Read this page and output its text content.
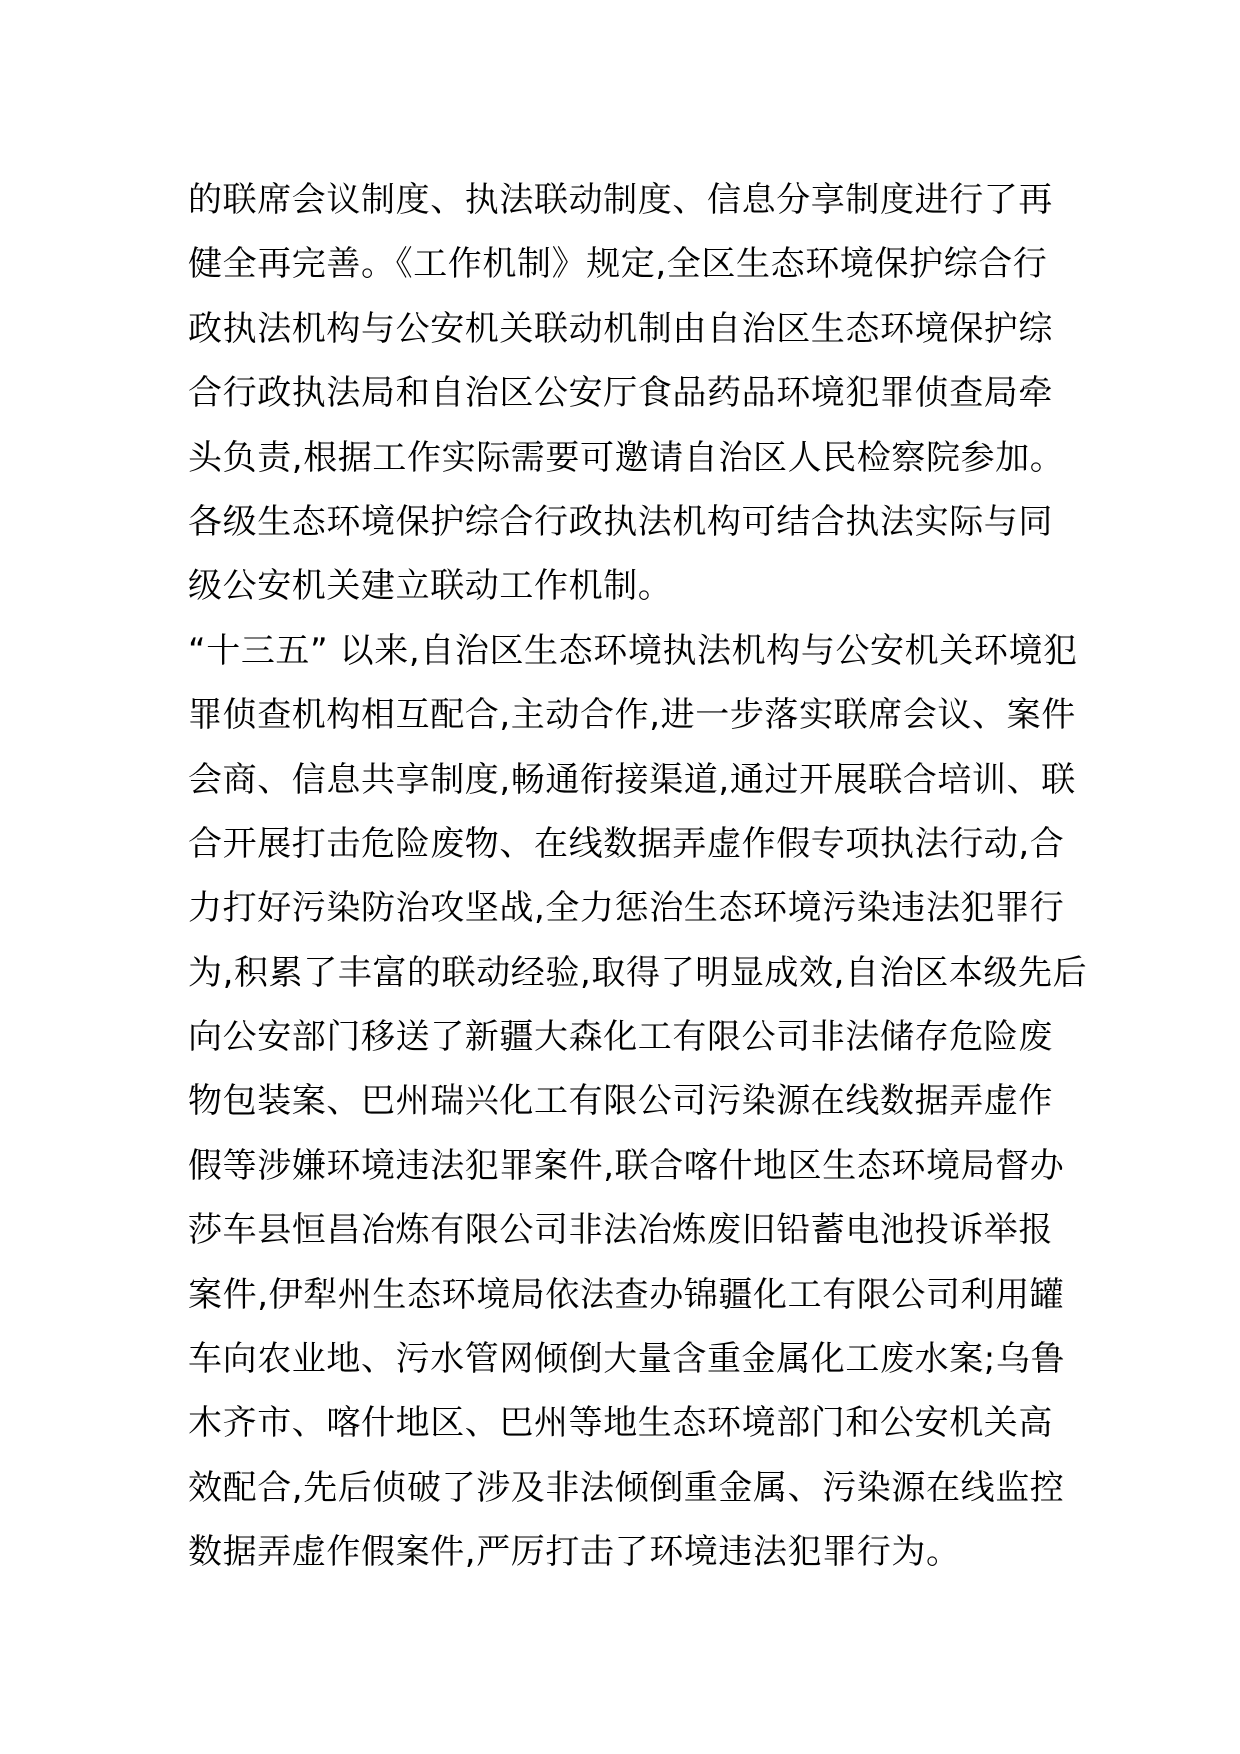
的联席会议制度、执法联动制度、信息分享制度进行了再
健全再完善。《工作机制》规定,全区生态环境保护综合行
政执法机构与公安机关联动机制由自治区生态环境保护综
合行政执法局和自治区公安厅食品药品环境犯罪侦查局牵
头负责,根据工作实际需要可邀请自治区人民检察院参加。
各级生态环境保护综合行政执法机构可结合执法实际与同
级公安机关建立联动工作机制。
“十三五” 以来,自治区生态环境执法机构与公安机关环境犯
罪侦查机构相互配合,主动合作,进一步落实联席会议、案件
会商、信息共享制度,畅通衔接渠道,通过开展联合培训、联
合开展打击危险废物、在线数据弄虚作假专项执法行动,合
力打好污染防治攻坚战,全力惩治生态环境污染违法犯罪行
为,积累了丰富的联动经验,取得了明显成效,自治区本级先后
向公安部门移送了新疆大森化工有限公司非法储存危险废
物包装案、巴州瑞兴化工有限公司污染源在线数据弄虚作
假等涉嫌环境违法犯罪案件,联合喀什地区生态环境局督办
莎车县恒昌冶炼有限公司非法冶炼废旧铅蓄电池投诉举报
案件,伊犁州生态环境局依法查办锦疆化工有限公司利用罐
车向农业地、污水管网倾倒大量含重金属化工废水案;乌鲁
木齐市、喀什地区、巴州等地生态环境部门和公安机关高
效配合,先后侦破了涉及非法倾倒重金属、污染源在线监控
数据弄虚作假案件,严厉打击了环境违法犯罪行为。
